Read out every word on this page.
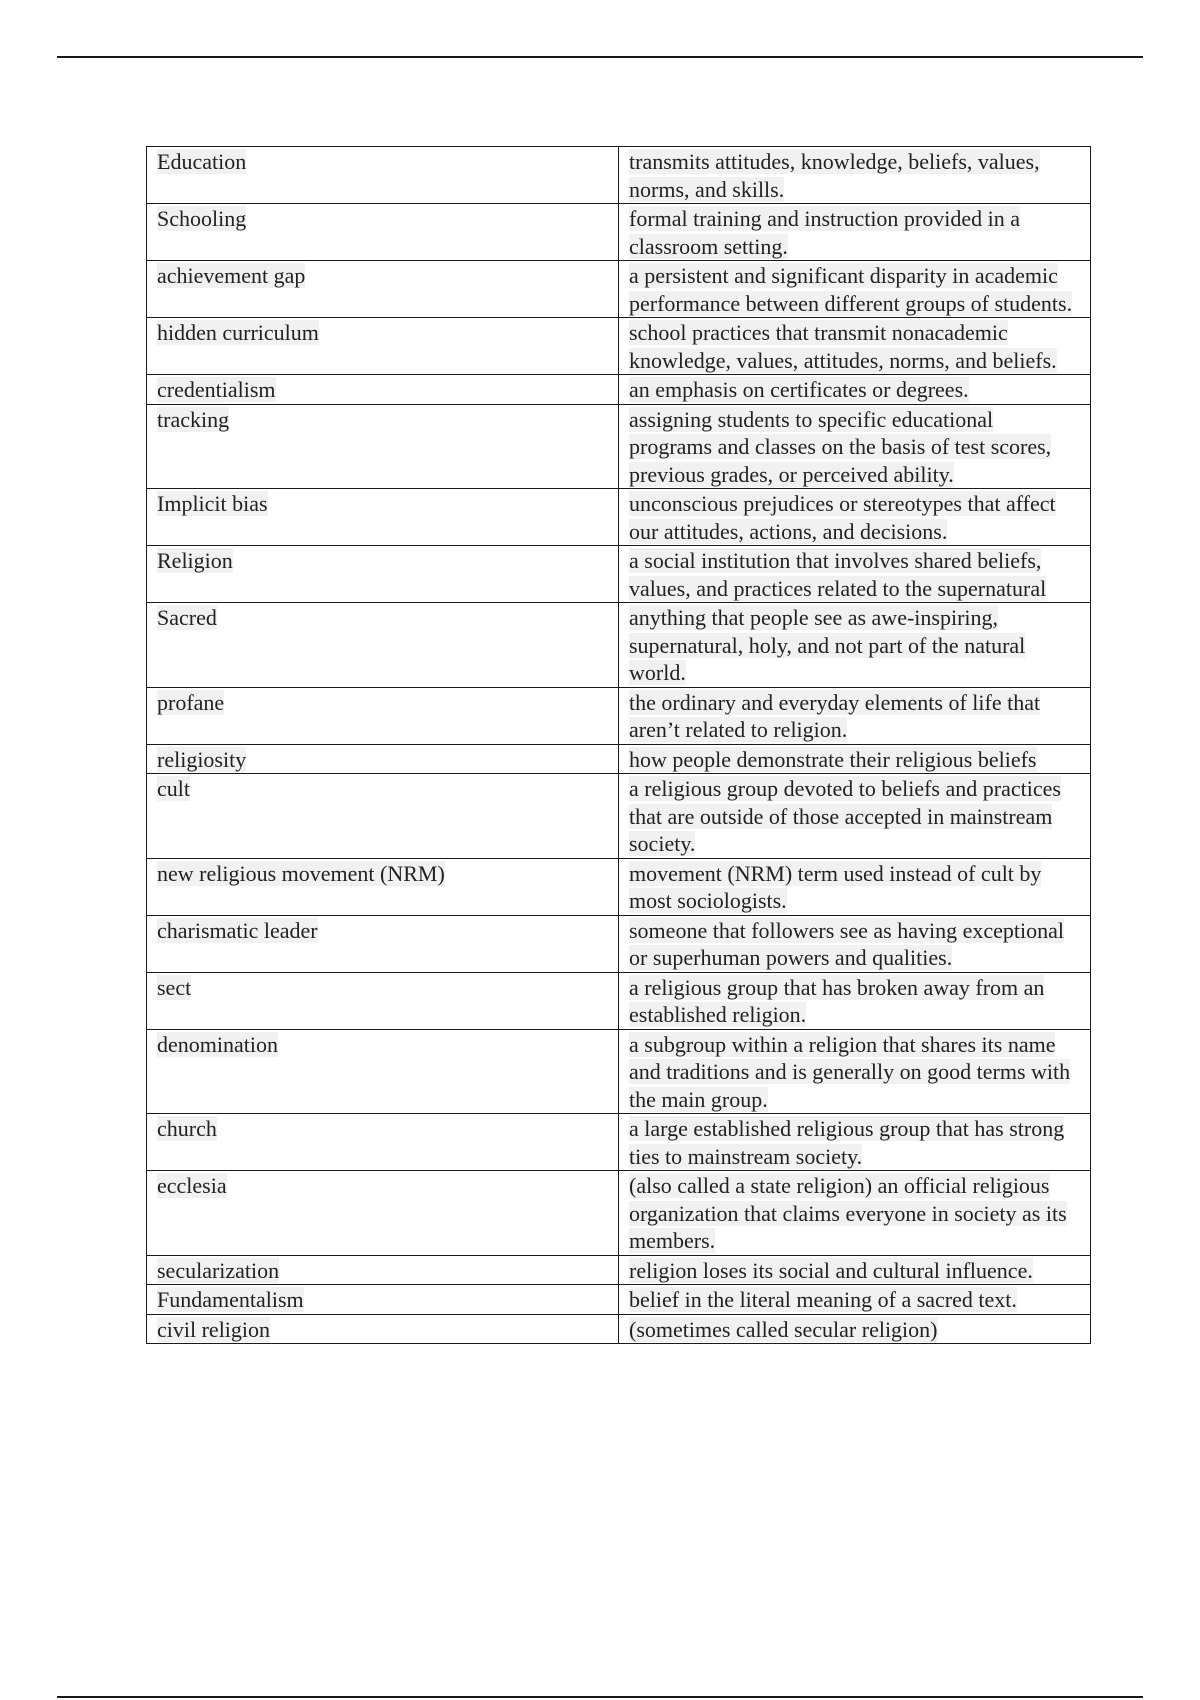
Education	transmits attitudes, knowledge, beliefs, values, norms, and skills.
Schooling	formal training and instruction provided in a classroom setting.
achievement gap	a persistent and significant disparity in academic performance between different groups of students.
hidden curriculum	school practices that transmit nonacademic knowledge, values, attitudes, norms, and beliefs.
credentialism	an emphasis on certificates or degrees.
tracking	assigning students to specific educational programs and classes on the basis of test scores, previous grades, or perceived ability.
Implicit bias	unconscious prejudices or stereotypes that affect our attitudes, actions, and decisions.
Religion	a social institution that involves shared beliefs, values, and practices related to the supernatural
Sacred	anything that people see as awe-inspiring, supernatural, holy, and not part of the natural world.
profane	the ordinary and everyday elements of life that aren’t related to religion.
religiosity	how people demonstrate their religious beliefs
cult	a religious group devoted to beliefs and practices that are outside of those accepted in mainstream society.
new religious movement (NRM)	movement (NRM) term used instead of cult by most sociologists.
charismatic leader	someone that followers see as having exceptional or superhuman powers and qualities.
sect	a religious group that has broken away from an established religion.
denomination	a subgroup within a religion that shares its name and traditions and is generally on good terms with the main group.
church	a large established religious group that has strong ties to mainstream society.
ecclesia	(also called a state religion) an official religious organization that claims everyone in society as its members.
secularization	religion loses its social and cultural influence.
Fundamentalism	belief in the literal meaning of a sacred text.
civil religion	(sometimes called secular religion)
